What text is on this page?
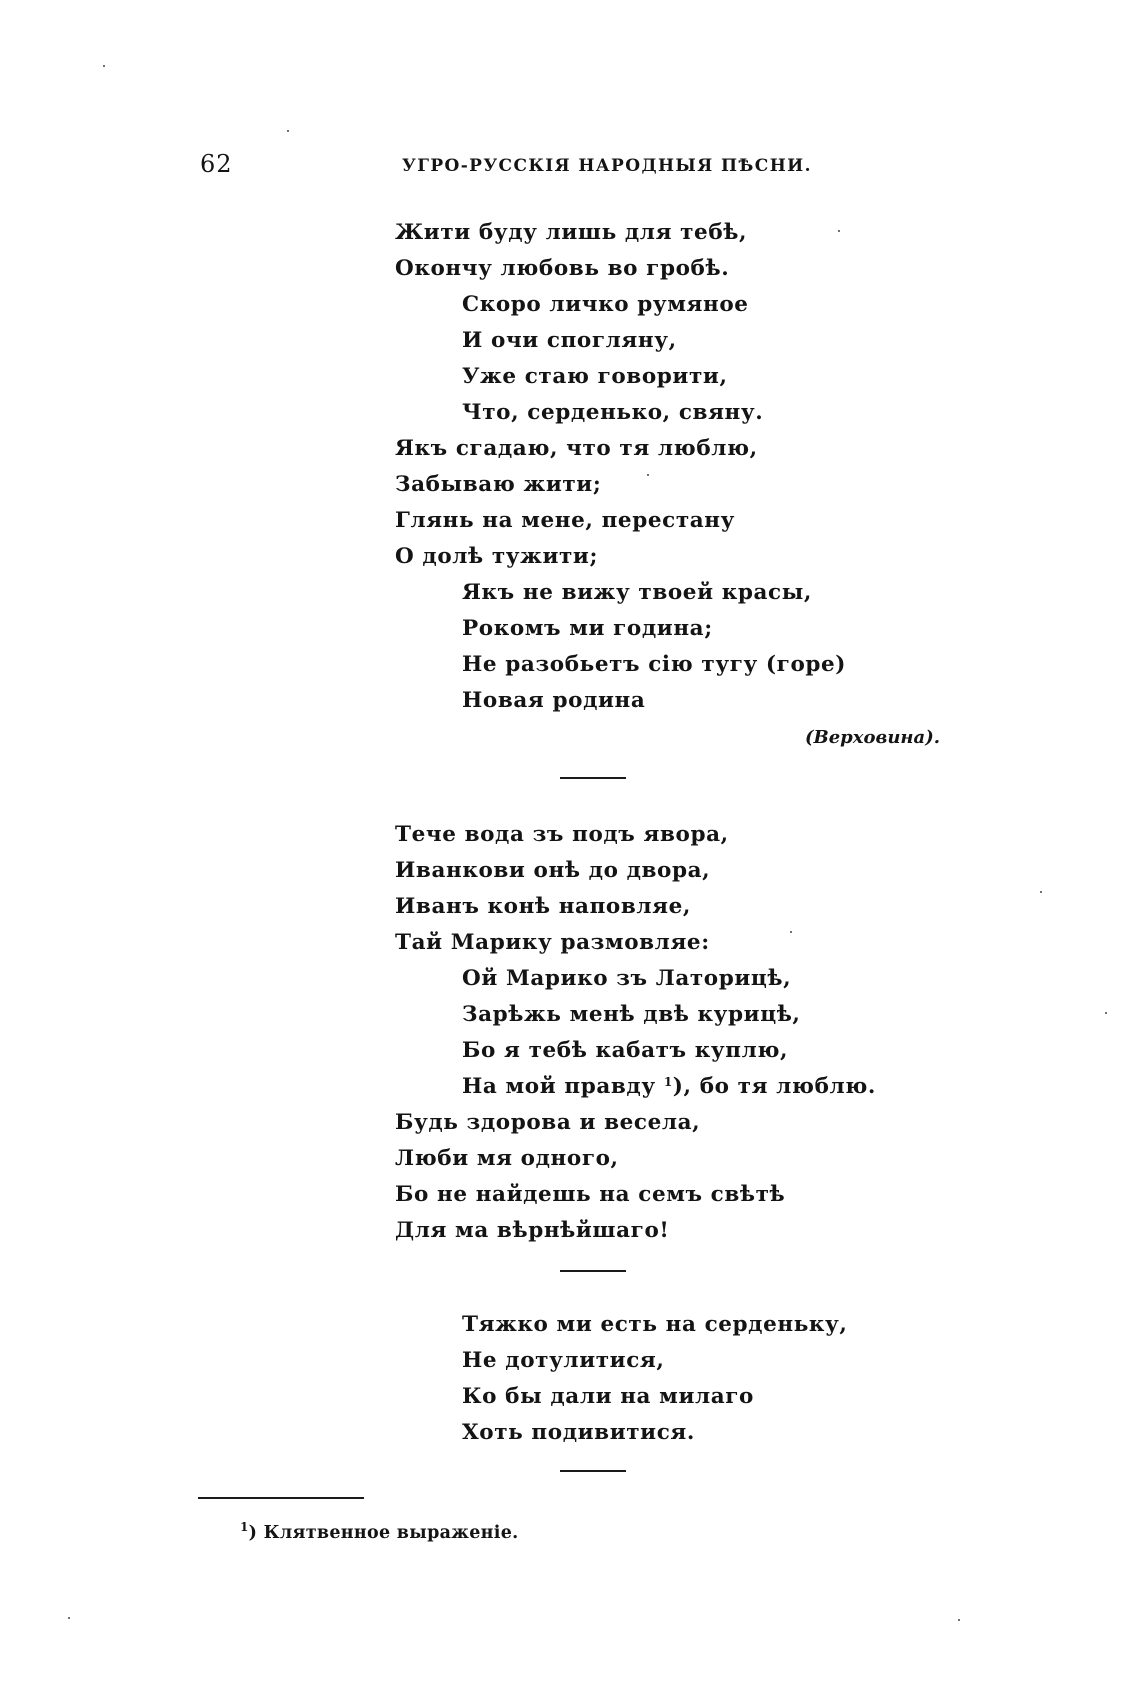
62	УГРО-РУССКІЯ НАРОДНЫЯ ПѢСНИ.
Жити буду лишь для тебѣ,
Окончу любовь во гробѣ.
Скоро личко румяное
И очи спогляну,
Уже стаю говорити,
Что, серденько, свяну.
Якъ сгадаю, что тя люблю,
Забываю жити;
Глянь на мене, перестану
О долѣ тужити;
Якъ не вижу твоей красы,
Рокомъ ми година;
Не разобьетъ сію тугу (горе)
Новая родина
(Верховина).
Тече вода зъ подъ явора,
Иванкови онѣ до двора,
Иванъ конѣ наповляе,
Тай Марику размовляе:
Ой Марико зъ Латорицѣ,
Зарѣжь менѣ двѣ курицѣ,
Бо я тебѣ кабатъ куплю,
На мой правду $^1$), бо тя люблю.
Будь здорова и весела,
Люби мя одного,
Бо не найдешь на семъ свѣтѣ
Для ма вѣрнѣйшаго!
Тяжко ми есть на серденьку,
Не дотулитися,
Ко бы дали на милаго
Хоть подивитися.
$^1$) Клятвенное выраженіе.
